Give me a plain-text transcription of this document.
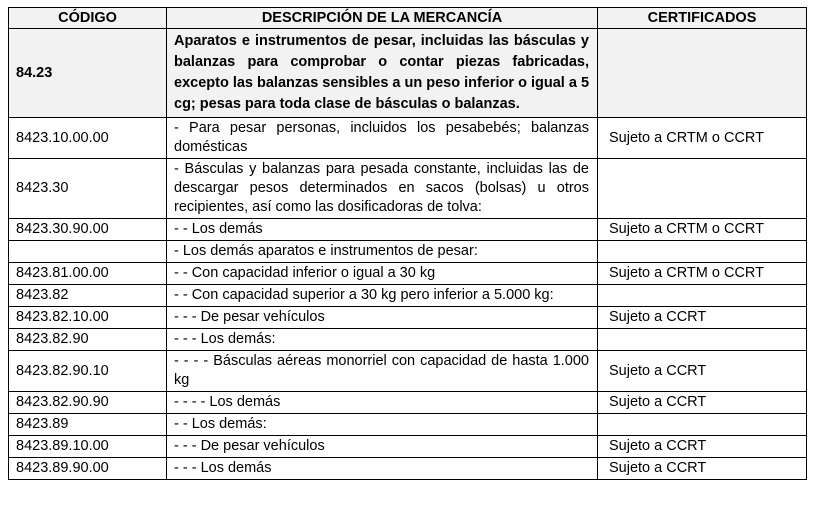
CÓDIGO	DESCRIPCIÓN DE LA MERCANCÍA	CERTIFICADOS
84.23	Aparatos e instrumentos de pesar, incluidas las básculas y balanzas para comprobar o contar piezas fabricadas, excepto las balanzas sensibles a un peso inferior o igual a 5 cg; pesas para toda clase de básculas o balanzas.	
8423.10.00.00	- Para pesar personas, incluidos los pesabebés; balanzas domésticas	Sujeto a CRTM o CCRT
8423.30	- Básculas y balanzas para pesada constante, incluidas las de descargar pesos determinados en sacos (bolsas) u otros recipientes, así como las dosificadoras de tolva:	
8423.30.90.00	- - Los demás	Sujeto a CRTM o CCRT
	- Los demás aparatos e instrumentos de pesar:	
8423.81.00.00	- - Con capacidad inferior o igual a 30 kg	Sujeto a CRTM o CCRT
8423.82	- - Con capacidad superior a 30 kg pero inferior a 5.000 kg:	
8423.82.10.00	- - - De pesar vehículos	Sujeto a CCRT
8423.82.90	- - - Los demás:	
8423.82.90.10	- - - - Básculas aéreas monorriel con capacidad de hasta 1.000 kg	Sujeto a CCRT
8423.82.90.90	- - - - Los demás	Sujeto a CCRT
8423.89	- - Los demás:	
8423.89.10.00	- - - De pesar vehículos	Sujeto a CCRT
8423.89.90.00	- - - Los demás	Sujeto a CCRT
